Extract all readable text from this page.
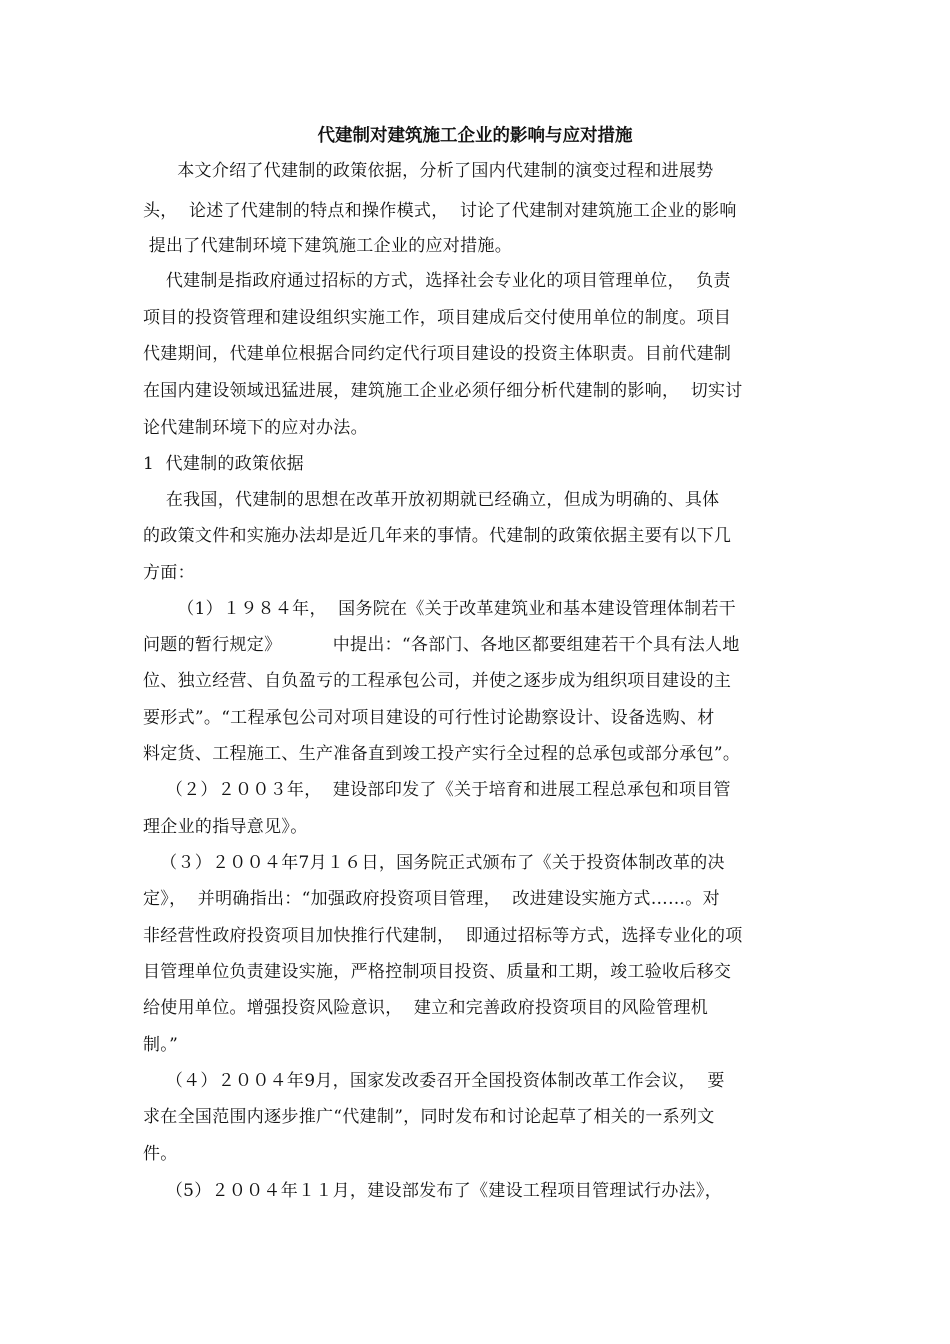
代建制对建筑施工企业的影响与应对措施
本文介绍了代建制的政策依据，分析了国内代建制的演变过程和进展势
头，  论述了代建制的特点和操作模式，  讨论了代建制对建筑施工企业的影响
提出了代建制环境下建筑施工企业的应对措施。
代建制是指政府通过招标的方式，选择社会专业化的项目管理单位，  负责
项目的投资管理和建设组织实施工作，项目建成后交付使用单位的制度。项目
代建期间，代建单位根据合同约定代行项目建设的投资主体职责。目前代建制
在国内建设领域迅猛进展，建筑施工企业必须仔细分析代建制的影响，  切实讨
论代建制环境下的应对办法。
1  代建制的政策依据
在我国，代建制的思想在改革开放初期就已经确立，但成为明确的、具体
的政策文件和实施办法却是近几年来的事情。代建制的政策依据主要有以下几
方面：
（1）１９８４年，  国务院在《关于改革建筑业和基本建设管理体制若干
问题的暂行规定》         中提出：“各部门、各地区都要组建若干个具有法人地
位、独立经营、自负盈亏的工程承包公司，并使之逐步成为组织项目建设的主
要形式”。“工程承包公司对项目建设的可行性讨论勘察设计、设备选购、材
料定货、工程施工、生产准备直到竣工投产实行全过程的总承包或部分承包”。
（２）２００３年，  建设部印发了《关于培育和进展工程总承包和项目管
理企业的指导意见》。
（３）２００４年7月１６日，国务院正式颁布了《关于投资体制改革的决
定》，  并明确指出：“加强政府投资项目管理，  改进建设实施方式……。对
非经营性政府投资项目加快推行代建制，  即通过招标等方式，选择专业化的项
目管理单位负责建设实施，严格控制项目投资、质量和工期，竣工验收后移交
给使用单位。增强投资风险意识，  建立和完善政府投资项目的风险管理机
制。”
（４）２００４年9月，国家发改委召开全国投资体制改革工作会议，  要
求在全国范围内逐步推广“代建制”，同时发布和讨论起草了相关的一系列文
件。
（5）２００４年１１月，建设部发布了《建设工程项目管理试行办法》，
